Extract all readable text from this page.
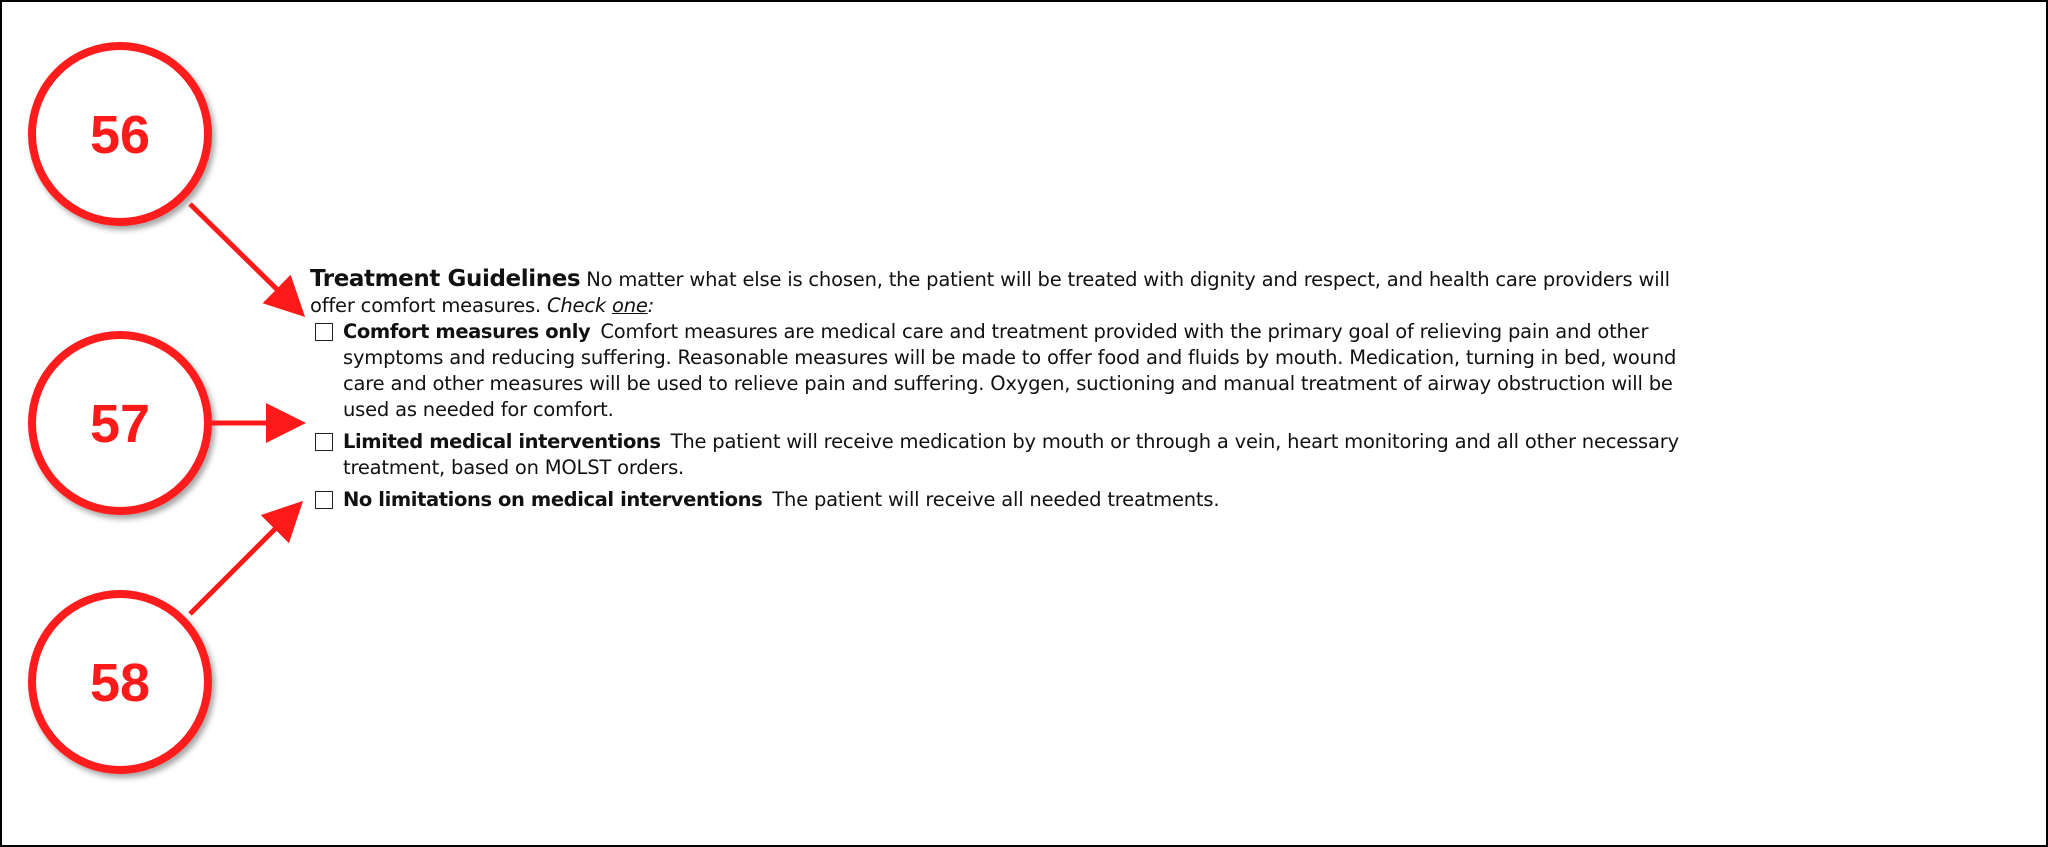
56
57
58

Treatment Guidelines No matter what else is chosen, the patient will be treated with dignity and respect, and health care providers will offer comfort measures. Check one:

Comfort measures only Comfort measures are medical care and treatment provided with the primary goal of relieving pain and other symptoms and reducing suffering. Reasonable measures will be made to offer food and fluids by mouth. Medication, turning in bed, wound care and other measures will be used to relieve pain and suffering. Oxygen, suctioning and manual treatment of airway obstruction will be used as needed for comfort.

Limited medical interventions The patient will receive medication by mouth or through a vein, heart monitoring and all other necessary treatment, based on MOLST orders.

No limitations on medical interventions The patient will receive all needed treatments.
